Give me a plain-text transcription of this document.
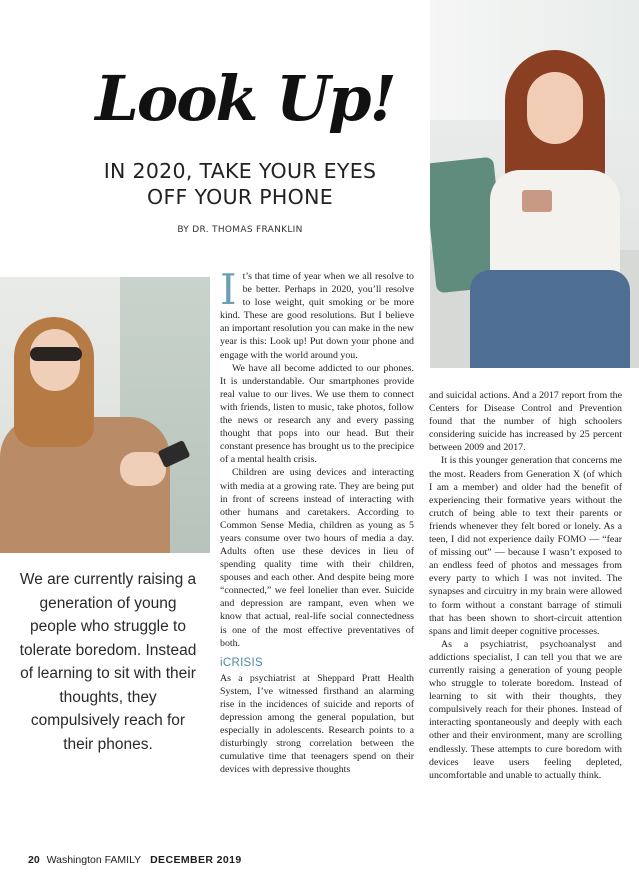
Look Up!
IN 2020, TAKE YOUR EYES
OFF YOUR PHONE
BY DR. THOMAS FRANKLIN
We are currently raising a generation of young people who struggle to tolerate boredom. Instead of learning to sit with their thoughts, they compulsively reach for their phones.

It’s that time of year when we all resolve to be better. Perhaps in 2020, you’ll resolve to lose weight, quit smoking or be more kind. These are good resolutions. But I believe an important resolution you can make in the new year is this: Look up! Put down your phone and engage with the world around you.

We have all become addicted to our phones. It is understandable. Our smartphones provide real value to our lives. We use them to connect with friends, listen to music, take photos, follow the news or research any and every passing thought that pops into our head. But their constant presence has brought us to the precipice of a mental health crisis.

Children are using devices and interacting with media at a growing rate. They are being put in front of screens instead of interacting with other humans and caretakers. According to Common Sense Media, children as young as 5 years consume over two hours of media a day. Adults often use these devices in lieu of spending quality time with their children, spouses and each other. And despite being more “connected,” we feel lonelier than ever. Suicide and depression are rampant, even when we know that actual, real-life social connectedness is one of the most effective preventatives of both.

iCRISIS

As a psychiatrist at Sheppard Pratt Health System, I’ve witnessed firsthand an alarming rise in the incidences of suicide and reports of depression among the general population, but especially in adolescents. Research points to a disturbingly strong correlation between the cumulative time that teenagers spend on their devices with depressive thoughts

and suicidal actions. And a 2017 report from the Centers for Disease Control and Prevention found that the number of high schoolers considering suicide has increased by 25 percent between 2009 and 2017.

It is this younger generation that concerns me the most. Readers from Generation X (of which I am a member) and older had the benefit of experiencing their formative years without the crutch of being able to text their parents or friends whenever they felt bored or lonely. As a teen, I did not experience daily FOMO — “fear of missing out” — because I wasn’t exposed to an endless feed of photos and messages from every party to which I was not invited. The synapses and circuitry in my brain were allowed to form without a constant barrage of stimuli that has been shown to short-circuit attention spans and limit deeper cognitive processes.

As a psychiatrist, psychoanalyst and addictions specialist, I can tell you that we are currently raising a generation of young people who struggle to tolerate boredom. Instead of learning to sit with their thoughts, they compulsively reach for their phones. Instead of interacting spontaneously and deeply with each other and their environment, many are scrolling endlessly. These attempts to cure boredom with devices leave users feeling depleted, uncomfortable and unable to actually think.

20 Washington FAMILY DECEMBER 2019
